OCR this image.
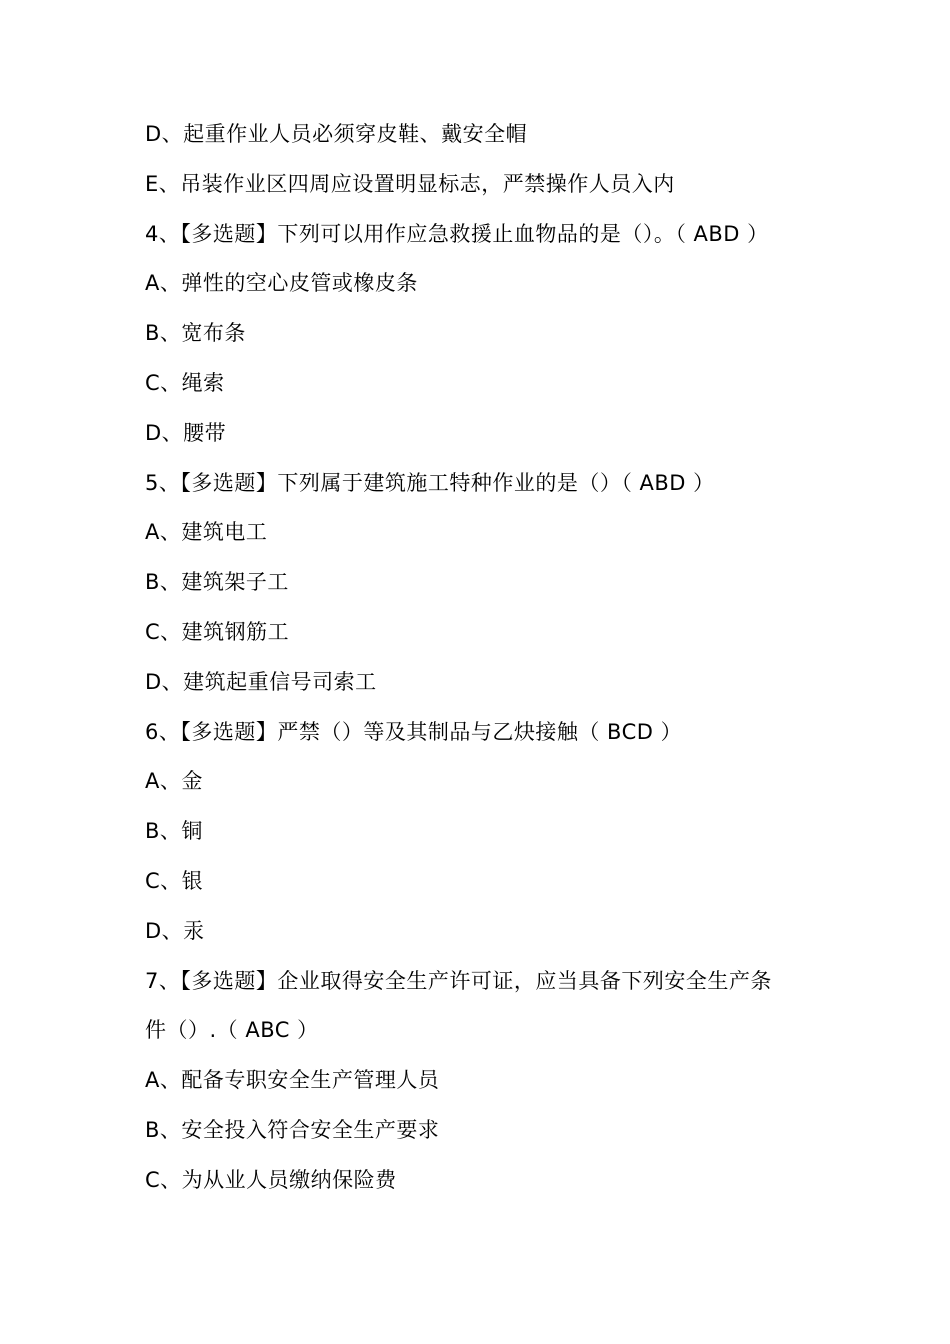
D、起重作业人员必须穿皮鞋、戴安全帽
E、吊装作业区四周应设置明显标志，严禁操作人员入内
4、【多选题】下列可以用作应急救援止血物品的是（）。（ ABD ）
A、弹性的空心皮管或橡皮条
B、宽布条
C、绳索
D、腰带
5、【多选题】下列属于建筑施工特种作业的是（）（ ABD ）
A、建筑电工
B、建筑架子工
C、建筑钢筋工
D、建筑起重信号司索工
6、【多选题】严禁（）等及其制品与乙炔接触（ BCD ）
A、金
B、铜
C、银
D、汞
7、【多选题】企业取得安全生产许可证，应当具备下列安全生产条
件（）.（ ABC ）
A、配备专职安全生产管理人员
B、安全投入符合安全生产要求
C、为从业人员缴纳保险费
